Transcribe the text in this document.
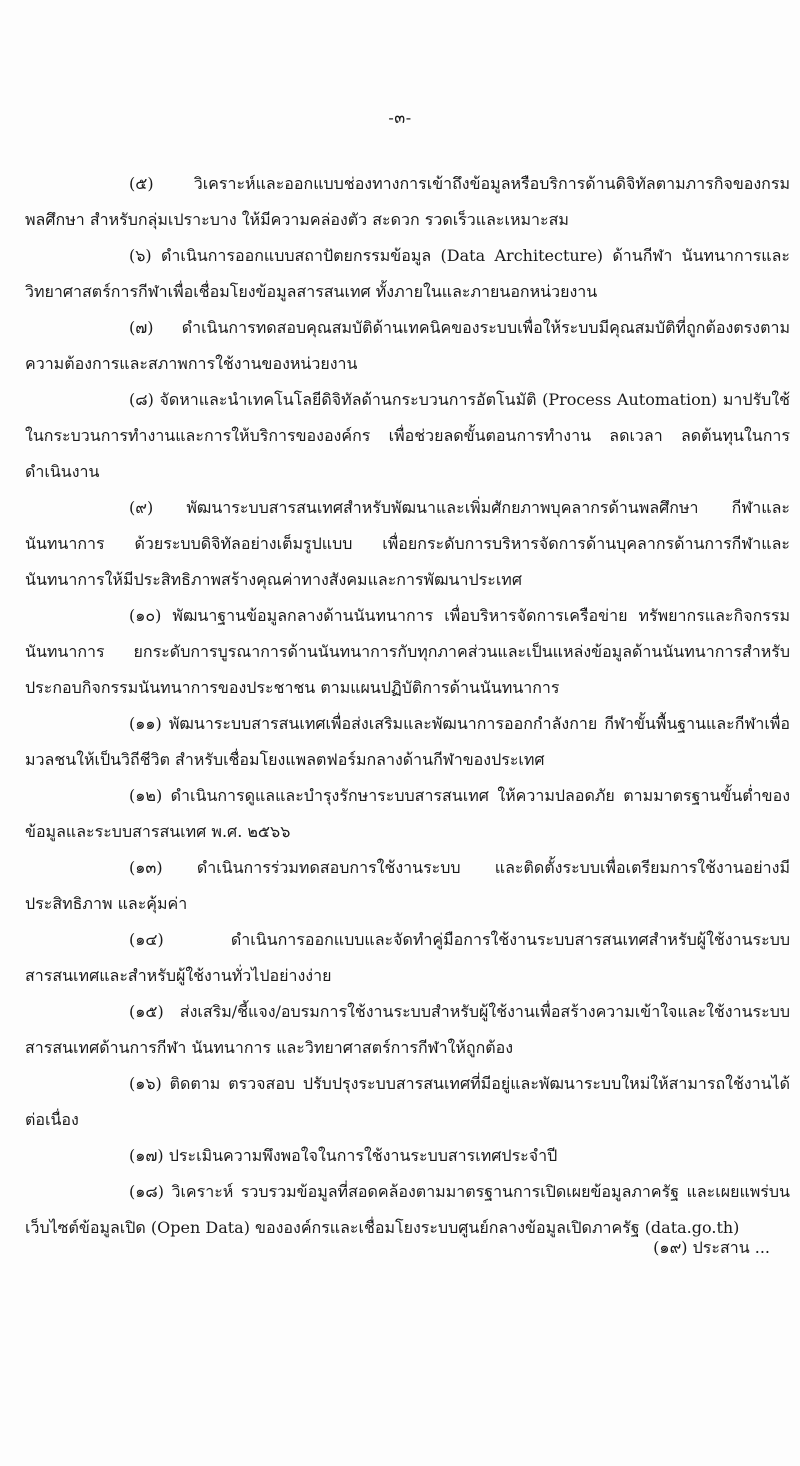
-๓-

(๕) วิเคราะห์และออกแบบช่องทางการเข้าถึงข้อมูลหรือบริการด้านดิจิทัลตามภารกิจของกรมพลศึกษา สำหรับกลุ่มเปราะบาง ให้มีความคล่องตัว สะดวก รวดเร็วและเหมาะสม

(๖) ดำเนินการออกแบบสถาปัตยกรรมข้อมูล (Data Architecture) ด้านกีฬา นันทนาการและวิทยาศาสตร์การกีฬาเพื่อเชื่อมโยงข้อมูลสารสนเทศ ทั้งภายในและภายนอกหน่วยงาน

(๗) ดำเนินการทดสอบคุณสมบัติด้านเทคนิคของระบบเพื่อให้ระบบมีคุณสมบัติที่ถูกต้องตรงตามความต้องการและสภาพการใช้งานของหน่วยงาน

(๘) จัดหาและนำเทคโนโลยีดิจิทัลด้านกระบวนการอัตโนมัติ (Process Automation) มาปรับใช้ในกระบวนการทำงานและการให้บริการขององค์กร เพื่อช่วยลดขั้นตอนการทำงาน ลดเวลา ลดต้นทุนในการดำเนินงาน

(๙) พัฒนาระบบสารสนเทศสำหรับพัฒนาและเพิ่มศักยภาพบุคลากรด้านพลศึกษา กีฬาและนันทนาการ ด้วยระบบดิจิทัลอย่างเต็มรูปแบบ เพื่อยกระดับการบริหารจัดการด้านบุคลากรด้านการกีฬาและนันทนาการให้มีประสิทธิภาพสร้างคุณค่าทางสังคมและการพัฒนาประเทศ

(๑๐) พัฒนาฐานข้อมูลกลางด้านนันทนาการ เพื่อบริหารจัดการเครือข่าย ทรัพยากรและกิจกรรมนันทนาการ ยกระดับการบูรณาการด้านนันทนาการกับทุกภาคส่วนและเป็นแหล่งข้อมูลด้านนันทนาการสำหรับประกอบกิจกรรมนันทนาการของประชาชน ตามแผนปฏิบัติการด้านนันทนาการ

(๑๑) พัฒนาระบบสารสนเทศเพื่อส่งเสริมและพัฒนาการออกกำลังกาย กีฬาขั้นพื้นฐานและกีฬาเพื่อมวลชนให้เป็นวิถีชีวิต สำหรับเชื่อมโยงแพลตฟอร์มกลางด้านกีฬาของประเทศ

(๑๒) ดำเนินการดูแลและบำรุงรักษาระบบสารสนเทศ ให้ความปลอดภัย ตามมาตรฐานขั้นต่ำของข้อมูลและระบบสารสนเทศ พ.ศ. ๒๕๖๖

(๑๓) ดำเนินการร่วมทดสอบการใช้งานระบบ และติดตั้งระบบเพื่อเตรียมการใช้งานอย่างมีประสิทธิภาพ และคุ้มค่า

(๑๔) ดำเนินการออกแบบและจัดทำคู่มือการใช้งานระบบสารสนเทศสำหรับผู้ใช้งานระบบสารสนเทศและสำหรับผู้ใช้งานทั่วไปอย่างง่าย

(๑๕) ส่งเสริม/ชี้แจง/อบรมการใช้งานระบบสำหรับผู้ใช้งานเพื่อสร้างความเข้าใจและใช้งานระบบสารสนเทศด้านการกีฬา นันทนาการ และวิทยาศาสตร์การกีฬาให้ถูกต้อง

(๑๖) ติดตาม ตรวจสอบ ปรับปรุงระบบสารสนเทศที่มีอยู่และพัฒนาระบบใหม่ให้สามารถใช้งานได้ต่อเนื่อง

(๑๗) ประเมินความพึงพอใจในการใช้งานระบบสารเทศประจำปี

(๑๘) วิเคราะห์ รวบรวมข้อมูลที่สอดคล้องตามมาตรฐานการเปิดเผยข้อมูลภาครัฐ และเผยแพร่บนเว็บไซต์ข้อมูลเปิด (Open Data) ขององค์กรและเชื่อมโยงระบบศูนย์กลางข้อมูลเปิดภาครัฐ (data.go.th)

(๑๙) ประสาน ...
